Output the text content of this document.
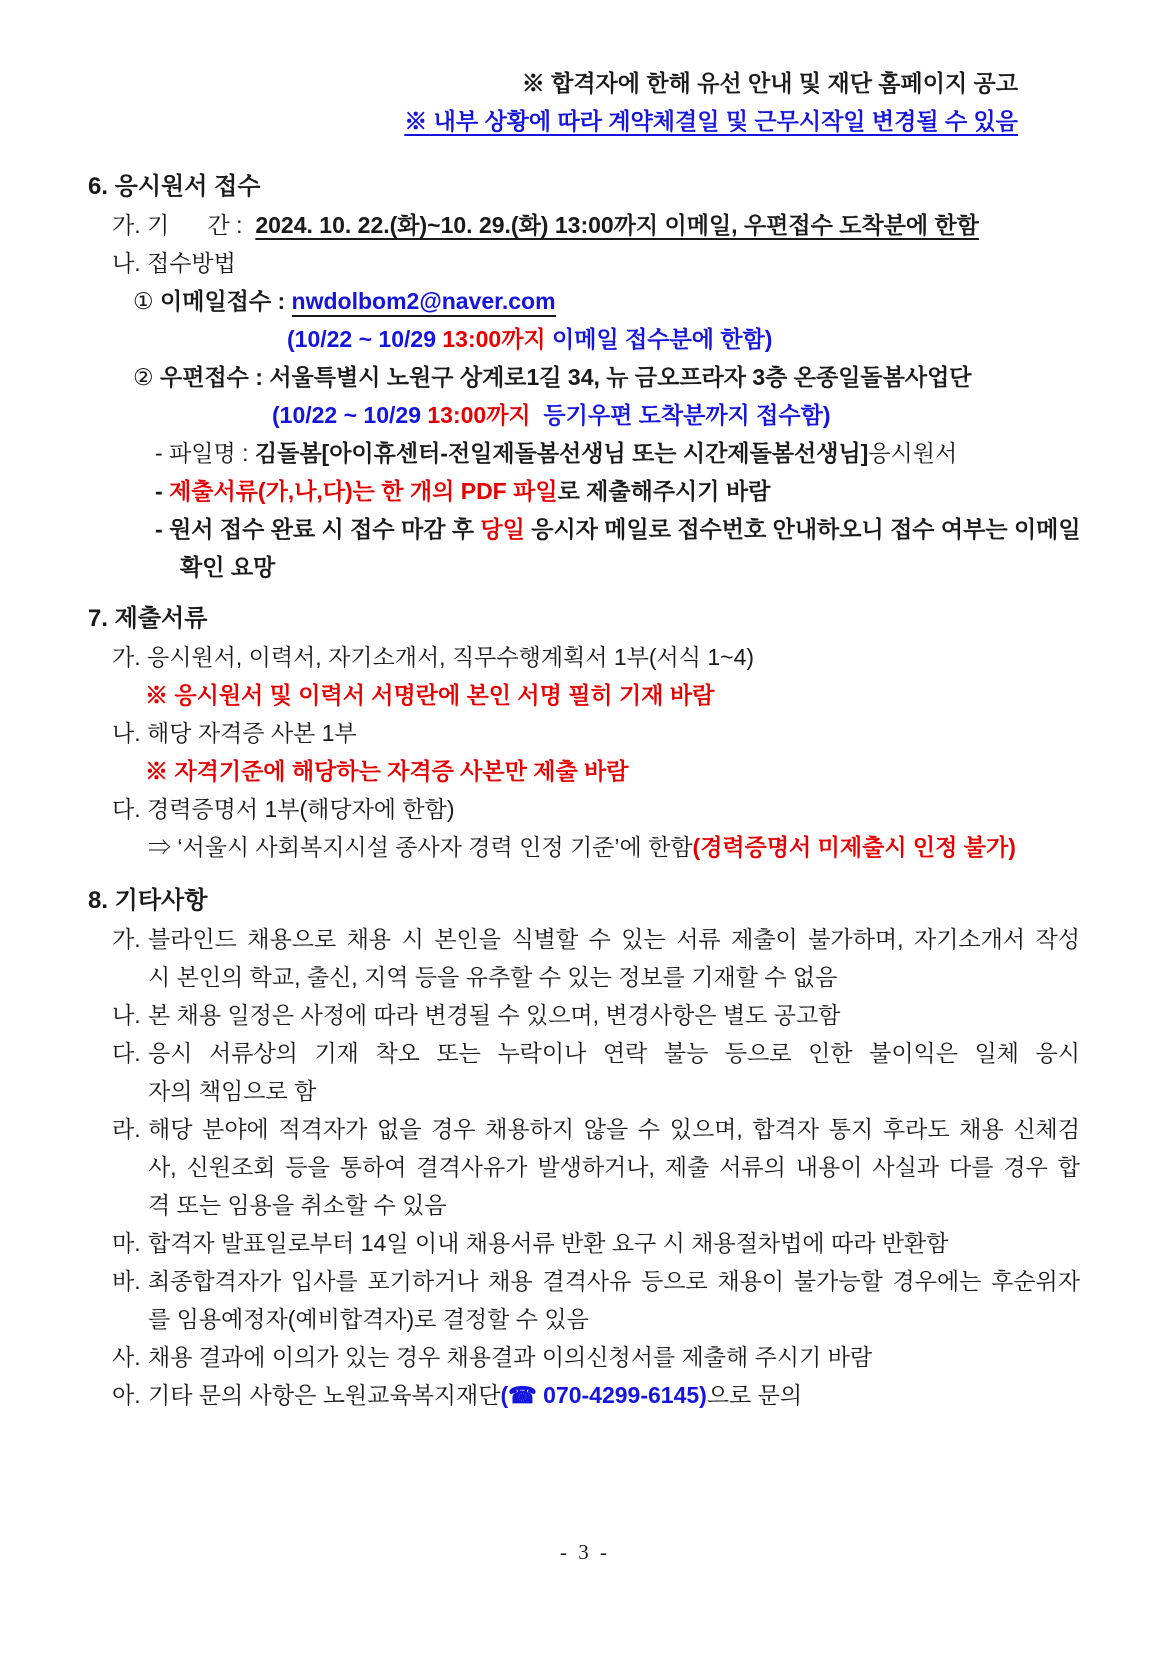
※ 합격자에 한해 유선 안내 및 재단 홈페이지 공고
※ 내부 상황에 따라 계약체결일 및 근무시작일 변경될 수 있음
6. 응시원서 접수
가. 기      간 :  2024. 10. 22.(화)~10. 29.(화) 13:00까지 이메일, 우편접수 도착분에 한함
나. 접수방법
① 이메일접수 : nwdolbom2@naver.com
(10/22 ~ 10/29 13:00까지 이메일 접수분에 한함)
② 우편접수 : 서울특별시 노원구 상계로1길 34, 뉴 금오프라자 3층 온종일돌봄사업단
(10/22 ~ 10/29 13:00까지  등기우편 도착분까지 접수함)
- 파일명 : 김돌봄[아이휴센터-전일제돌봄선생님 또는 시간제돌봄선생님]응시원서
- 제출서류(가,나,다)는 한 개의 PDF 파일로 제출해주시기 바람
- 원서 접수 완료 시 접수 마감 후 당일 응시자 메일로 접수번호 안내하오니 접수 여부는 이메일
확인 요망
7. 제출서류
가. 응시원서, 이력서, 자기소개서, 직무수행계획서 1부(서식 1~4)
※ 응시원서 및 이력서 서명란에 본인 서명 필히 기재 바람
나. 해당 자격증 사본 1부
※ 자격기준에 해당하는 자격증 사본만 제출 바람
다. 경력증명서 1부(해당자에 한함)
⇒ ‘서울시 사회복지시설 종사자 경력 인정 기준’에 한함(경력증명서 미제출시 인정 불가)
8. 기타사항
가. 블라인드 채용으로 채용 시 본인을 식별할 수 있는 서류 제출이 불가하며, 자기소개서 작성
시 본인의 학교, 출신, 지역 등을 유추할 수 있는 정보를 기재할 수 없음
나. 본 채용 일정은 사정에 따라 변경될 수 있으며, 변경사항은 별도 공고함
다. 응시 서류상의 기재 착오 또는 누락이나 연락 불능 등으로 인한 불이익은 일체 응시
자의 책임으로 함
라. 해당 분야에 적격자가 없을 경우 채용하지 않을 수 있으며, 합격자 통지 후라도 채용 신체검
사, 신원조회 등을 통하여 결격사유가 발생하거나, 제출 서류의 내용이 사실과 다를 경우 합
격 또는 임용을 취소할 수 있음
마. 합격자 발표일로부터 14일 이내 채용서류 반환 요구 시 채용절차법에 따라 반환함
바. 최종합격자가 입사를 포기하거나 채용 결격사유 등으로 채용이 불가능할 경우에는 후순위자
를 임용예정자(예비합격자)로 결정할 수 있음
사. 채용 결과에 이의가 있는 경우 채용결과 이의신청서를 제출해 주시기 바람
아. 기타 문의 사항은 노원교육복지재단(☎ 070-4299-6145)으로 문의
- 3 -
